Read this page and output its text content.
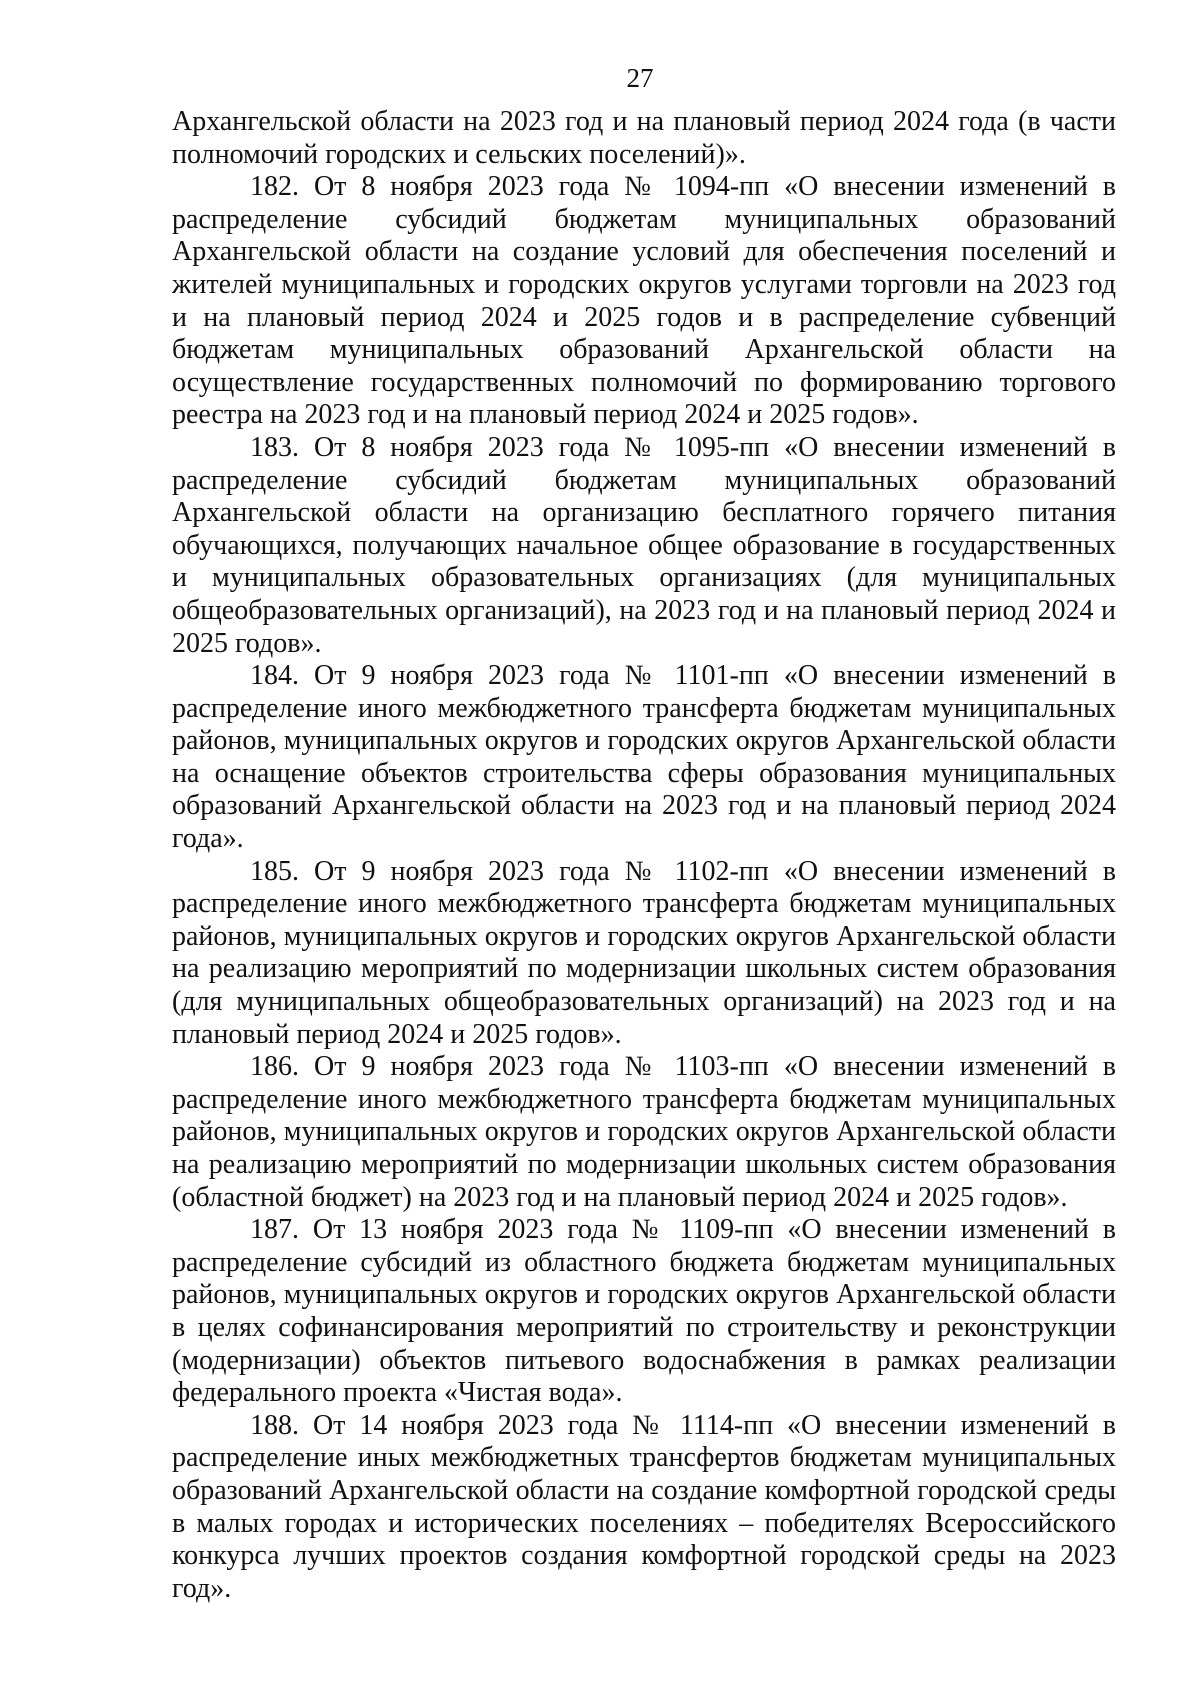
27

Архангельской области на 2023 год и на плановый период 2024 года (в части полномочий городских и сельских поселений)».

182. От 8 ноября 2023 года № 1094-пп «О внесении изменений в распределение субсидий бюджетам муниципальных образований Архангельской области на создание условий для обеспечения поселений и жителей муниципальных и городских округов услугами торговли на 2023 год и на плановый период 2024 и 2025 годов и в распределение субвенций бюджетам муниципальных образований Архангельской области на осуществление государственных полномочий по формированию торгового реестра на 2023 год и на плановый период 2024 и 2025 годов».

183. От 8 ноября 2023 года № 1095-пп «О внесении изменений в распределение субсидий бюджетам муниципальных образований Архангельской области на организацию бесплатного горячего питания обучающихся, получающих начальное общее образование в государственных и муниципальных образовательных организациях (для муниципальных общеобразовательных организаций), на 2023 год и на плановый период 2024 и 2025 годов».

184. От 9 ноября 2023 года № 1101-пп «О внесении изменений в распределение иного межбюджетного трансферта бюджетам муниципальных районов, муниципальных округов и городских округов Архангельской области на оснащение объектов строительства сферы образования муниципальных образований Архангельской области на 2023 год и на плановый период 2024 года».

185. От 9 ноября 2023 года № 1102-пп «О внесении изменений в распределение иного межбюджетного трансферта бюджетам муниципальных районов, муниципальных округов и городских округов Архангельской области на реализацию мероприятий по модернизации школьных систем образования (для муниципальных общеобразовательных организаций) на 2023 год и на плановый период 2024 и 2025 годов».

186. От 9 ноября 2023 года № 1103-пп «О внесении изменений в распределение иного межбюджетного трансферта бюджетам муниципальных районов, муниципальных округов и городских округов Архангельской области на реализацию мероприятий по модернизации школьных систем образования (областной бюджет) на 2023 год и на плановый период 2024 и 2025 годов».

187. От 13 ноября 2023 года № 1109-пп «О внесении изменений в распределение субсидий из областного бюджета бюджетам муниципальных районов, муниципальных округов и городских округов Архангельской области в целях софинансирования мероприятий по строительству и реконструкции (модернизации) объектов питьевого водоснабжения в рамках реализации федерального проекта «Чистая вода».

188. От 14 ноября 2023 года № 1114-пп «О внесении изменений в распределение иных межбюджетных трансфертов бюджетам муниципальных образований Архангельской области на создание комфортной городской среды в малых городах и исторических поселениях – победителях Всероссийского конкурса лучших проектов создания комфортной городской среды на 2023 год».
